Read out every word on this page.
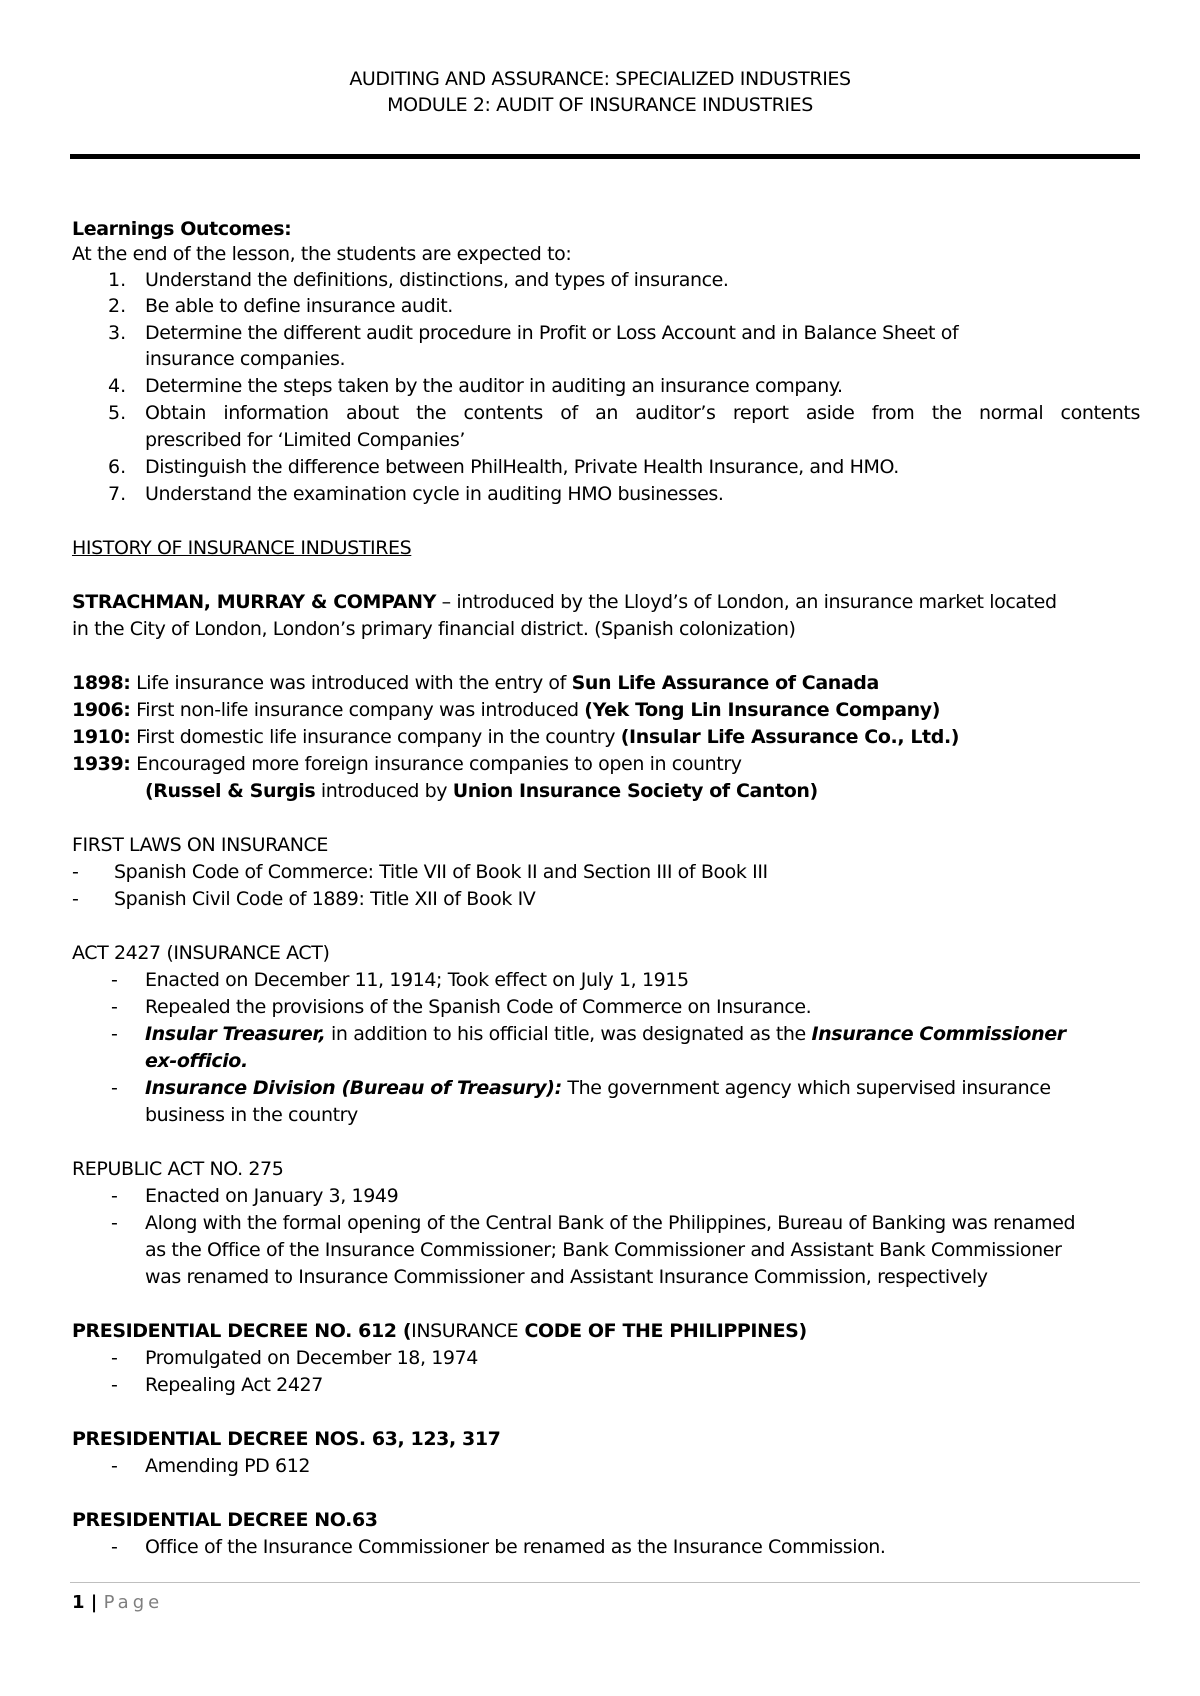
AUDITING AND ASSURANCE: SPECIALIZED INDUSTRIES
MODULE 2: AUDIT OF INSURANCE INDUSTRIES
Learnings Outcomes:
At the end of the lesson, the students are expected to:
1. Understand the definitions, distinctions, and types of insurance.
2. Be able to define insurance audit.
3. Determine the different audit procedure in Profit or Loss Account and in Balance Sheet of
insurance companies.
4. Determine the steps taken by the auditor in auditing an insurance company.
5. Obtain information about the contents of an auditor’s report aside from the normal contents
prescribed for ‘Limited Companies’
6. Distinguish the difference between PhilHealth, Private Health Insurance, and HMO.
7. Understand the examination cycle in auditing HMO businesses.
HISTORY OF INSURANCE INDUSTIRES
STRACHMAN, MURRAY & COMPANY – introduced by the Lloyd’s of London, an insurance market located
in the City of London, London’s primary financial district. (Spanish colonization)
1898: Life insurance was introduced with the entry of Sun Life Assurance of Canada
1906: First non-life insurance company was introduced (Yek Tong Lin Insurance Company)
1910: First domestic life insurance company in the country (Insular Life Assurance Co., Ltd.)
1939: Encouraged more foreign insurance companies to open in country
(Russel & Surgis introduced by Union Insurance Society of Canton)
FIRST LAWS ON INSURANCE
- Spanish Code of Commerce: Title VII of Book II and Section III of Book III
- Spanish Civil Code of 1889: Title XII of Book IV
ACT 2427 (INSURANCE ACT)
- Enacted on December 11, 1914; Took effect on July 1, 1915
- Repealed the provisions of the Spanish Code of Commerce on Insurance.
- Insular Treasurer, in addition to his official title, was designated as the Insurance Commissioner
ex-officio.
- Insurance Division (Bureau of Treasury): The government agency which supervised insurance
business in the country
REPUBLIC ACT NO. 275
- Enacted on January 3, 1949
- Along with the formal opening of the Central Bank of the Philippines, Bureau of Banking was renamed
as the Office of the Insurance Commissioner; Bank Commissioner and Assistant Bank Commissioner
was renamed to Insurance Commissioner and Assistant Insurance Commission, respectively
PRESIDENTIAL DECREE NO. 612 (INSURANCE CODE OF THE PHILIPPINES)
- Promulgated on December 18, 1974
- Repealing Act 2427
PRESIDENTIAL DECREE NOS. 63, 123, 317
- Amending PD 612
PRESIDENTIAL DECREE NO.63
- Office of the Insurance Commissioner be renamed as the Insurance Commission.
1 | Page
